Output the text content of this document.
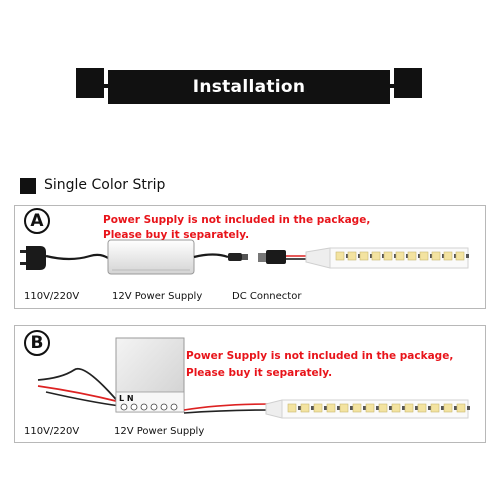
Installation
Single Color Strip
A
B
Power Supply is not included in the package,
Please buy it separately.
110V/220V	12V Power Supply	DC Connector
Power Supply is not included in the package,
Please buy it separately.
L N
110V/220V	12V Power Supply
